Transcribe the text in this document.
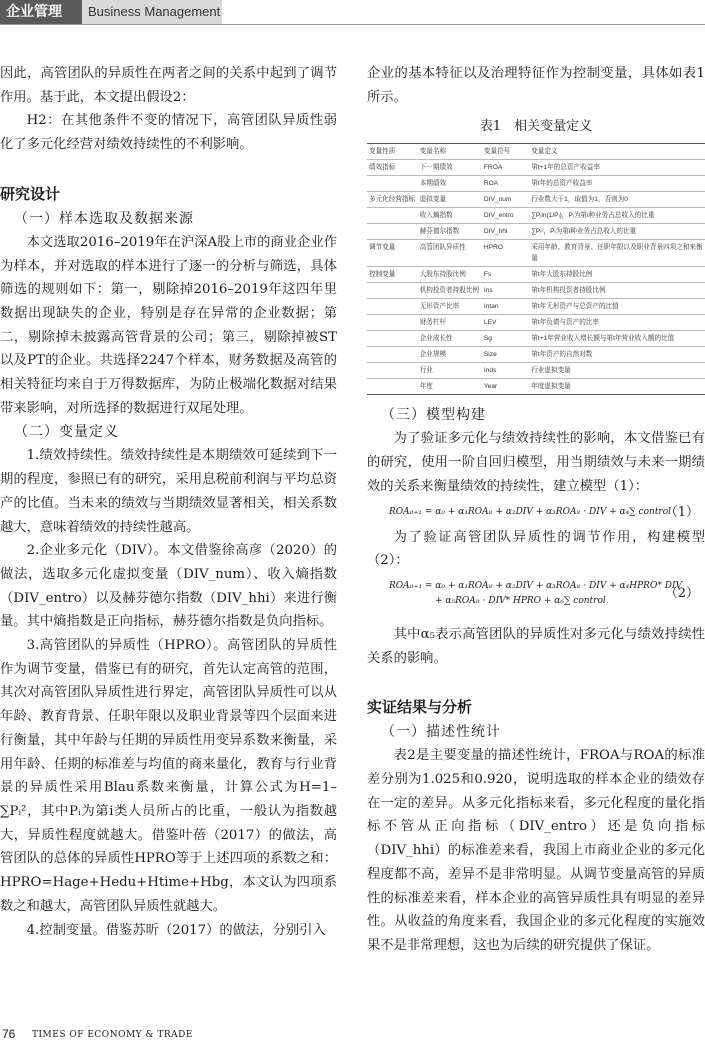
企业管理	Business Management

因此，高管团队的异质性在两者之间的关系中起到了调节作用。基于此，本文提出假设2：

H2：在其他条件不变的情况下，高管团队异质性弱化了多元化经营对绩效持续性的不利影响。

研究设计
（一）样本选取及数据来源

本文选取2016–2019年在沪深A股上市的商业企业作为样本，并对选取的样本进行了逐一的分析与筛选，具体筛选的规则如下：第一，剔除掉2016–2019年这四年里数据出现缺失的企业，特别是存在异常的企业数据；第二，剔除掉未披露高管背景的公司；第三，剔除掉被ST以及PT的企业。共选择2247个样本，财务数据及高管的相关特征均来自于万得数据库，为防止极端化数据对结果带来影响，对所选择的数据进行双尾处理。

（二）变量定义

1.绩效持续性。绩效持续性是本期绩效可延续到下一期的程度，参照已有的研究，采用息税前利润与平均总资产的比值。当未来的绩效与当期绩效显著相关，相关系数越大，意味着绩效的持续性越高。

2.企业多元化（DIV）。本文借鉴徐高彦（2020）的做法，选取多元化虚拟变量（DIV_num）、收入熵指数（DIV_entro）以及赫芬德尔指数（DIV_hhi）来进行衡量。其中熵指数是正向指标，赫芬德尔指数是负向指标。

3.高管团队的异质性（HPRO）。高管团队的异质性作为调节变量，借鉴已有的研究，首先认定高管的范围，其次对高管团队异质性进行界定，高管团队异质性可以从年龄、教育背景、任职年限以及职业背景等四个层面来进行衡量，其中年龄与任期的异质性用变异系数来衡量，采用年龄、任期的标准差与均值的商来量化，教育与行业背景的异质性采用Blau系数来衡量，计算公式为H=1–∑Pᵢ²，其中Pᵢ为第i类人员所占的比重，一般认为指数越大，异质性程度就越大。借鉴叶蓓（2017）的做法，高管团队的总体的异质性HPRO等于上述四项的系数之和：HPRO=Hage+Hedu+Htime+Hbg，本文认为四项系数之和越大，高管团队异质性就越大。

4.控制变量。借鉴苏昕（2017）的做法，分别引入

企业的基本特征以及治理特征作为控制变量，具体如表1所示。

表1　相关变量定义
变量性质	变量名称	变量符号	变量定义
绩效指标	下一期绩效	FROA	第t+1年的总资产收益率
	本期绩效	ROA	第t年的总资产收益率
多元化经营指标	虚拟变量	DIV_num	行业数大于1，取值为1，否则为0
	收入熵指数	DIV_entro	∑Pᵢln(1/Pᵢ)，Pᵢ为第i种业务占总收入的比重
	赫芬德尔指数	DIV_hhi	∑Pᵢ²，Pᵢ为第i种业务占总收入的比重
调节变量	高管团队异质性	HPRO	采用年龄、教育背景、任职年限以及职业背景四项之和来衡量
控制变量	大股东持股比例	Fs	第t年大股东持股比例
	机构投资者持股比例	Ins	第t年机构投资者持股比例
	无形资产比率	Intan	第t年无形资产与总资产的比值
	财务杠杆	LEV	第t年负债与资产的比率
	企业成长性	Sg	第t+1年营业收入增长额与第t年营业收入额的比值
	企业规模	Size	第t年资产的自然对数
	行业	Inds	行业虚拟变量
	年度	Year	年度虚拟变量
（三）模型构建

为了验证多元化与绩效持续性的影响，本文借鉴已有的研究，使用一阶自回归模型，用当期绩效与未来一期绩效的关系来衡量绩效的持续性，建立模型（1）：

ROAᵢₜ₊₁ = α₀ + α₁ROAᵢₜ + α₂DIV + α₃ROAᵢₜ · DIV + α₄∑ control
（1）

为了验证高管团队异质性的调节作用，构建模型（2）：

ROAᵢₜ₊₁ = α₀ + α₁ROAᵢₜ + α₂DIV + α₃ROAᵢₜ · DIV + α₄HPRO* DIV
+ α₅ROAᵢₜ · DIV* HPRO + α₆∑ control	（2）

其中α₅表示高管团队的异质性对多元化与绩效持续性关系的影响。

实证结果与分析
（一）描述性统计

表2是主要变量的描述性统计，FROA与ROA的标准差分别为1.025和0.920，说明选取的样本企业的绩效存在一定的差异。从多元化指标来看，多元化程度的量化指标不管从正向指标（DIV_entro）还是负向指标（DIV_hhi）的标准差来看，我国上市商业企业的多元化程度都不高，差异不是非常明显。从调节变量高管的异质性的标准差来看，样本企业的高管异质性具有明显的差异性。从收益的角度来看，我国企业的多元化程度的实施效果不是非常理想，这也为后续的研究提供了保证。

76 TIMES OF ECONOMY & TRADE
